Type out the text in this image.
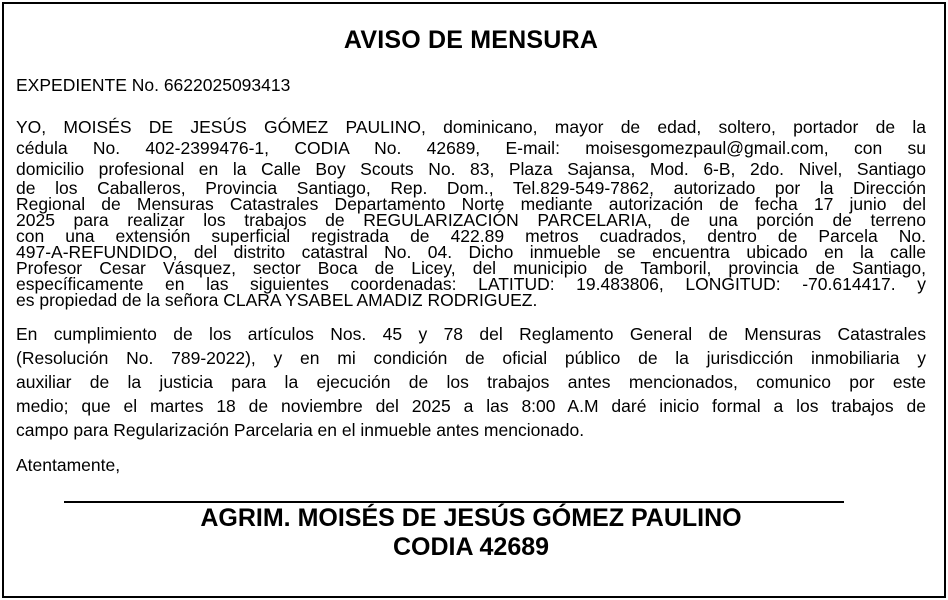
AVISO DE MENSURA
EXPEDIENTE No. 6622025093413
YO, MOISÉS DE JESÚS GÓMEZ PAULINO, dominicano, mayor de edad, soltero, portador de la
cédula No. 402-2399476-1, CODIA No. 42689, E-mail: moisesgomezpaul@gmail.com, con su
domicilio profesional en la Calle Boy Scouts No. 83, Plaza Sajansa, Mod. 6-B, 2do. Nivel, Santiago
de los Caballeros, Provincia Santiago, Rep. Dom., Tel.829-549-7862, autorizado por la Dirección
Regional de Mensuras Catastrales Departamento Norte mediante autorización de fecha 17 junio del
2025 para realizar los trabajos de REGULARIZACIÓN PARCELARIA, de una porción de terreno
con una extensión superficial registrada de 422.89 metros cuadrados, dentro de Parcela No.
497-A-REFUNDIDO, del distrito catastral No. 04. Dicho inmueble se encuentra ubicado en la calle
Profesor Cesar Vásquez, sector Boca de Licey, del municipio de Tamboril, provincia de Santiago,
específicamente en las siguientes coordenadas: LATITUD: 19.483806, LONGITUD: -70.614417. y
es propiedad de la señora CLARA YSABEL AMADIZ RODRIGUEZ.
En cumplimiento de los artículos Nos. 45 y 78 del Reglamento General de Mensuras Catastrales
(Resolución No. 789-2022), y en mi condición de oficial público de la jurisdicción inmobiliaria y
auxiliar de la justicia para la ejecución de los trabajos antes mencionados, comunico por este
medio; que el martes 18 de noviembre del 2025 a las 8:00 A.M daré inicio formal a los trabajos de
campo para Regularización Parcelaria en el inmueble antes mencionado.
Atentamente,
AGRIM. MOISÉS DE JESÚS GÓMEZ PAULINO
CODIA 42689
